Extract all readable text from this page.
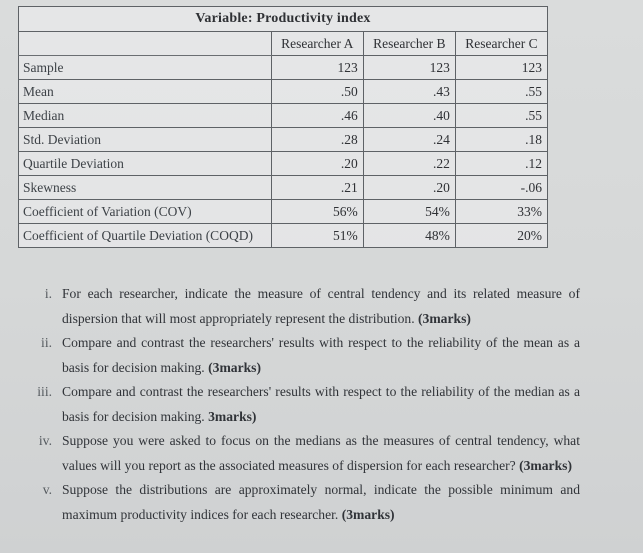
Variable: Productivity index			
	Researcher A	Researcher B	Researcher C
Sample	123	123	123
Mean	.50	.43	.55
Median	.46	.40	.55
Std. Deviation	.28	.24	.18
Quartile Deviation	.20	.22	.12
Skewness	.21	.20	-.06
Coefficient of Variation (COV)	56%	54%	33%
Coefficient of Quartile Deviation (COQD)	51%	48%	20%
i. For each researcher, indicate the measure of central tendency and its related measure of dispersion that will most appropriately represent the distribution. (3marks)
ii. Compare and contrast the researchers' results with respect to the reliability of the mean as a basis for decision making. (3marks)
iii. Compare and contrast the researchers' results with respect to the reliability of the median as a basis for decision making. 3marks)
iv. Suppose you were asked to focus on the medians as the measures of central tendency, what values will you report as the associated measures of dispersion for each researcher? (3marks)
v. Suppose the distributions are approximately normal, indicate the possible minimum and maximum productivity indices for each researcher. (3marks)
